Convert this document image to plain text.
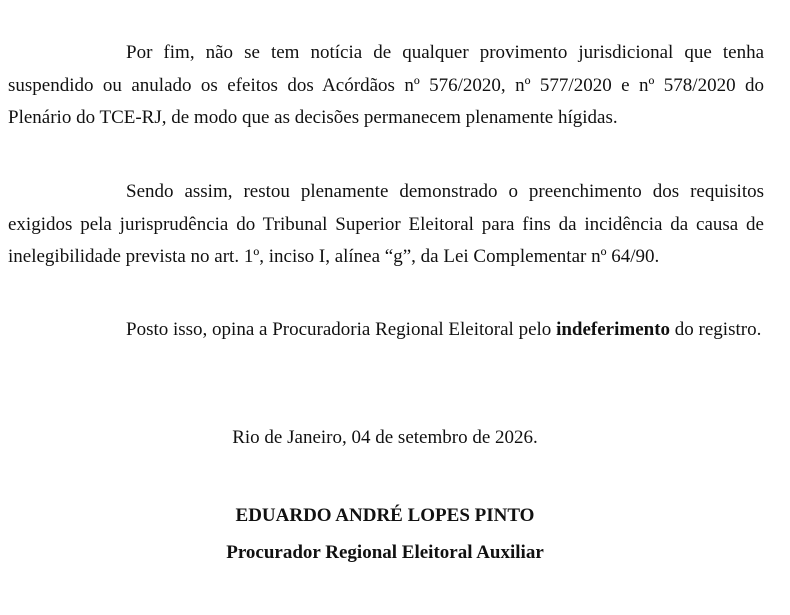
Por fim, não se tem notícia de qualquer provimento jurisdicional que tenha suspendido ou anulado os efeitos dos Acórdãos nº 576/2020, nº 577/2020 e nº 578/2020 do Plenário do TCE-RJ, de modo que as decisões permanecem plenamente hígidas.

Sendo assim, restou plenamente demonstrado o preenchimento dos requisitos exigidos pela jurisprudência do Tribunal Superior Eleitoral para fins da incidência da causa de inelegibilidade prevista no art. 1º, inciso I, alínea “g”, da Lei Complementar nº 64/90.

Posto isso, opina a Procuradoria Regional Eleitoral pelo indeferimento do registro.

Rio de Janeiro, 04 de setembro de 2026.

EDUARDO ANDRÉ LOPES PINTO

Procurador Regional Eleitoral Auxiliar
